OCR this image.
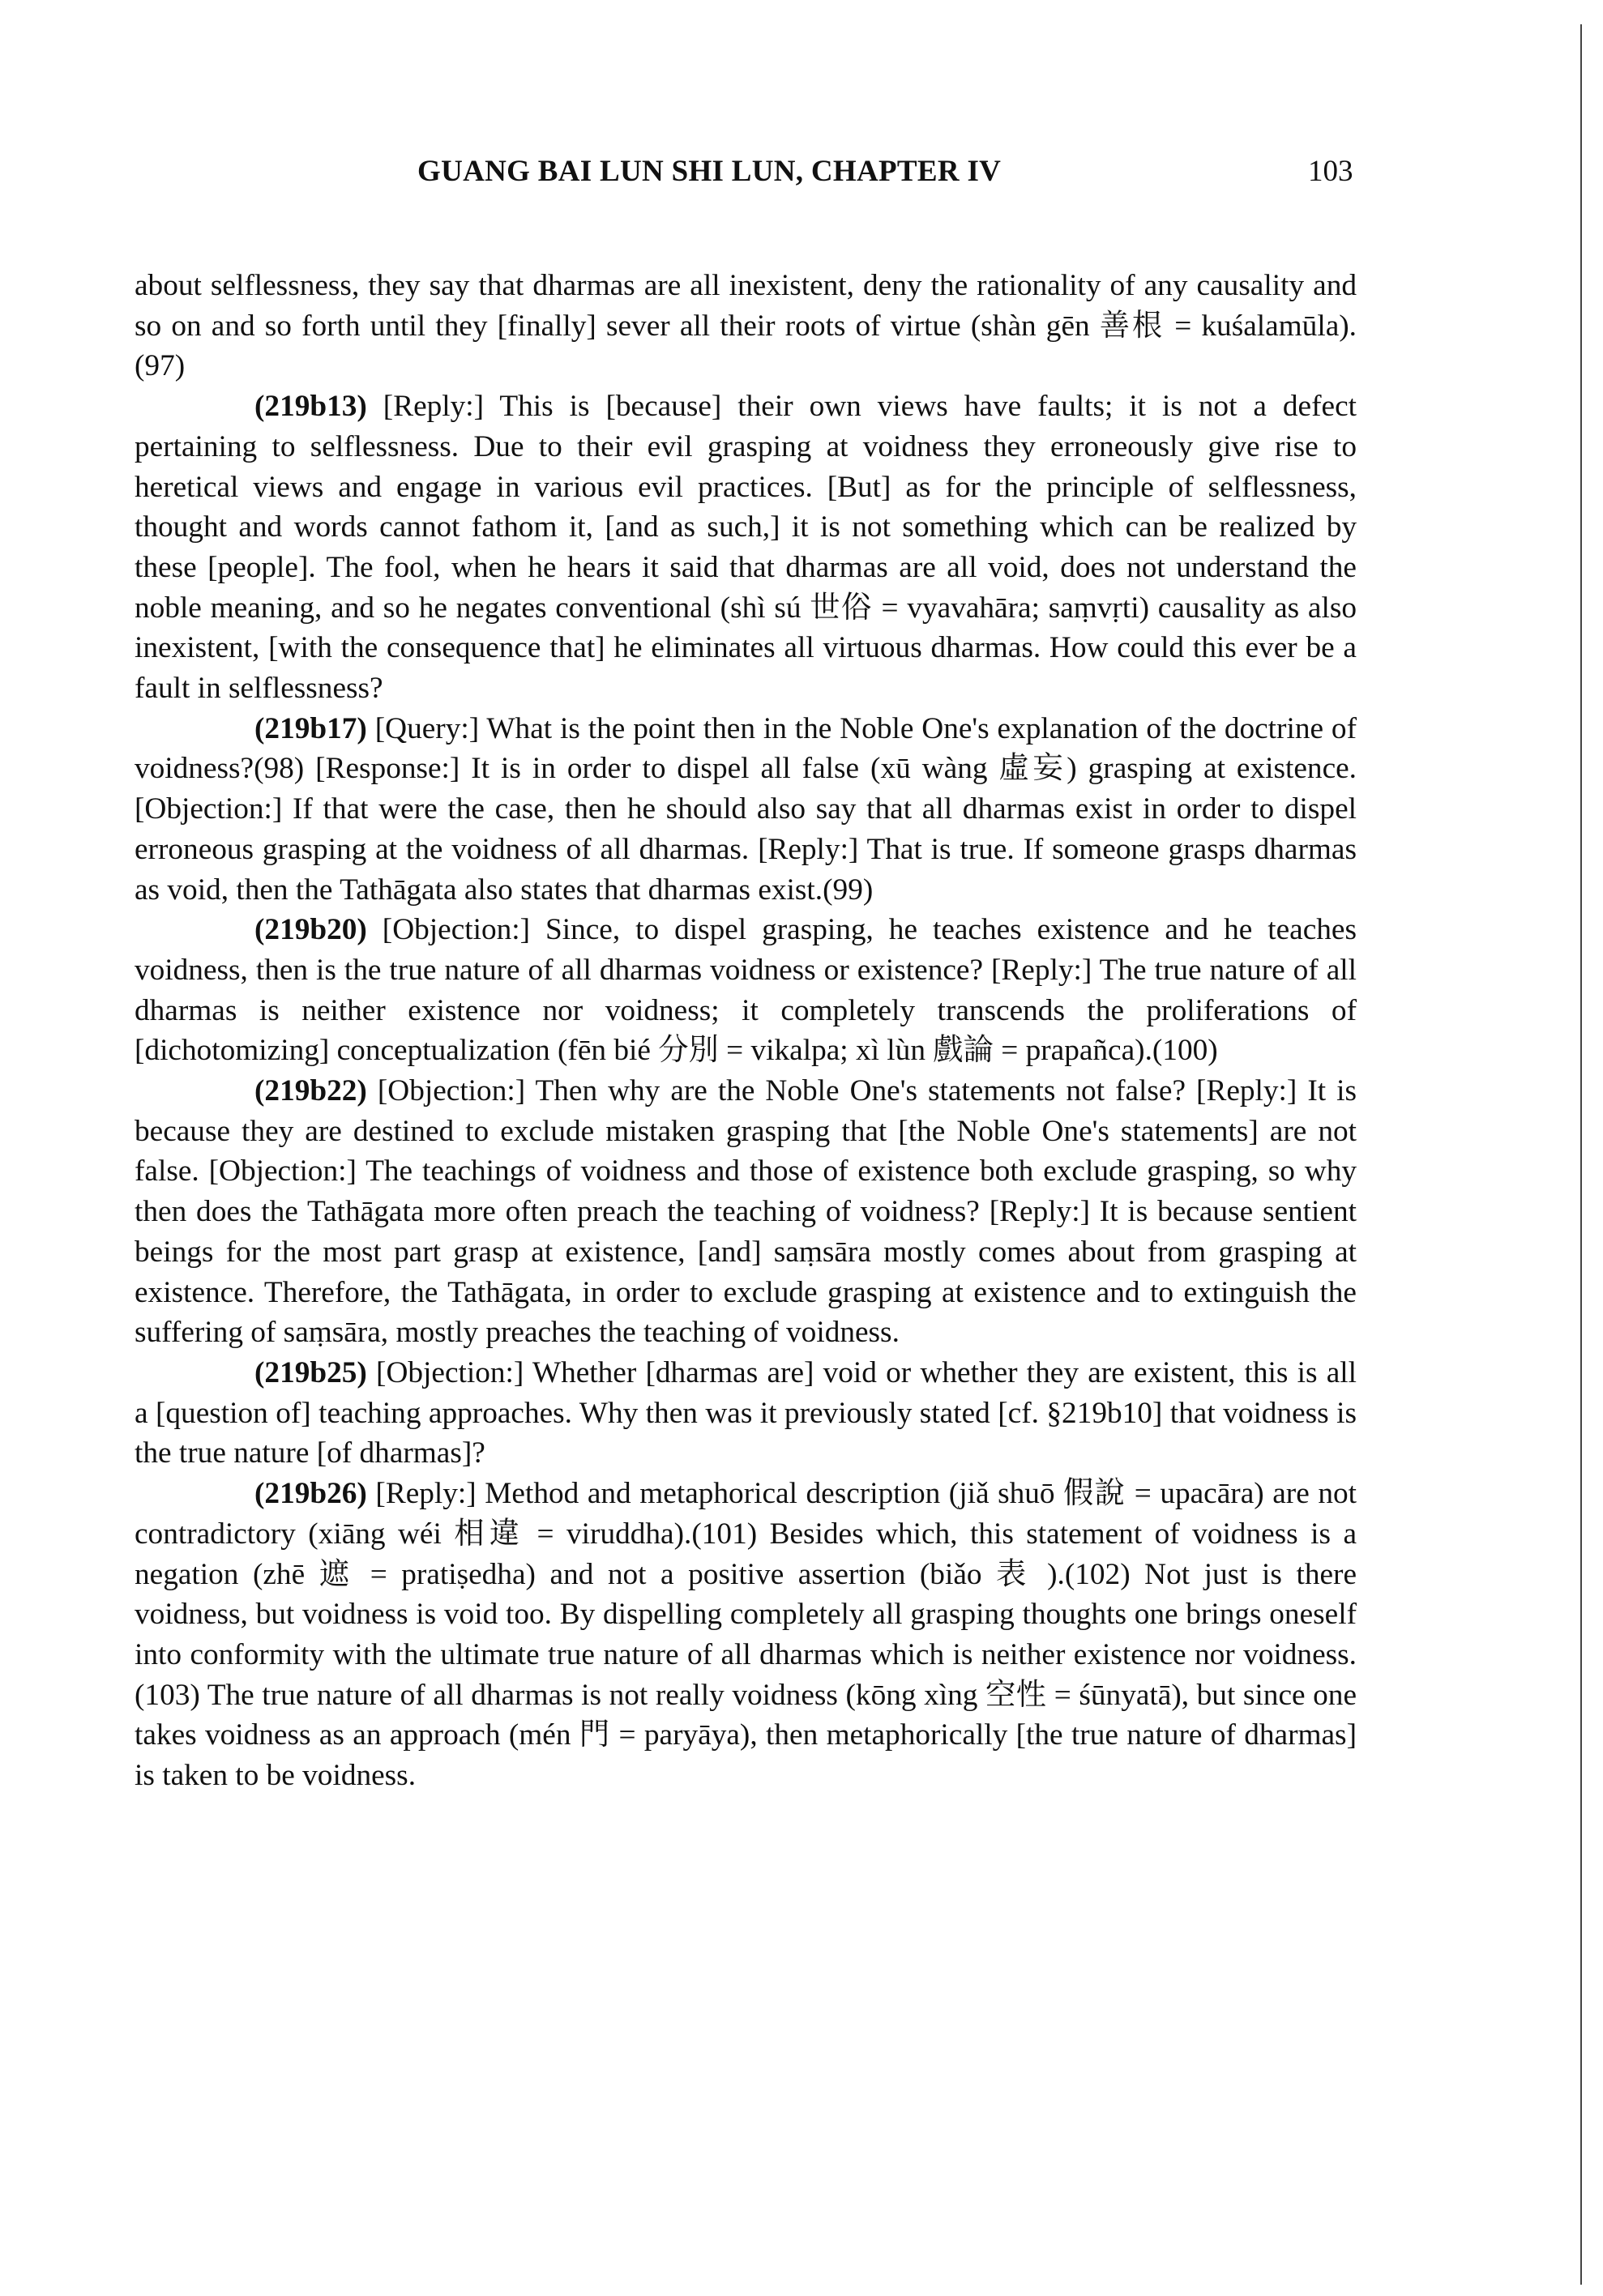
GUANG BAI LUN SHI LUN, CHAPTER IV	103

about selflessness, they say that dharmas are all inexistent, deny the rationality of any causality and so on and so forth until they [finally] sever all their roots of virtue (shàn gēn 善根 = kuśalamūla).(97)

(219b13) [Reply:] This is [because] their own views have faults; it is not a defect pertaining to selflessness. Due to their evil grasping at voidness they erroneously give rise to heretical views and engage in various evil practices. [But] as for the principle of selflessness, thought and words cannot fathom it, [and as such,] it is not something which can be realized by these [people]. The fool, when he hears it said that dharmas are all void, does not understand the noble meaning, and so he negates conventional (shì sú 世俗 = vyavahāra; saṃvṛti) causality as also inexistent, [with the consequence that] he eliminates all virtuous dharmas. How could this ever be a fault in selflessness?

(219b17) [Query:] What is the point then in the Noble One's explanation of the doctrine of voidness?(98) [Response:] It is in order to dispel all false (xū wàng 虛妄) grasping at existence. [Objection:] If that were the case, then he should also say that all dharmas exist in order to dispel erroneous grasping at the voidness of all dharmas. [Reply:] That is true. If someone grasps dharmas as void, then the Tathāgata also states that dharmas exist.(99)

(219b20) [Objection:] Since, to dispel grasping, he teaches existence and he teaches voidness, then is the true nature of all dharmas voidness or existence? [Reply:] The true nature of all dharmas is neither existence nor voidness; it completely transcends the proliferations of [dichotomizing] conceptualization (fēn bié 分別 = vikalpa; xì lùn 戲論 = prapañca).(100)

(219b22) [Objection:] Then why are the Noble One's statements not false? [Reply:] It is because they are destined to exclude mistaken grasping that [the Noble One's statements] are not false. [Objection:] The teachings of voidness and those of existence both exclude grasping, so why then does the Tathāgata more often preach the teaching of voidness? [Reply:] It is because sentient beings for the most part grasp at existence, [and] saṃsāra mostly comes about from grasping at existence. Therefore, the Tathāgata, in order to exclude grasping at existence and to extinguish the suffering of saṃsāra, mostly preaches the teaching of voidness.

(219b25) [Objection:] Whether [dharmas are] void or whether they are existent, this is all a [question of] teaching approaches. Why then was it previously stated [cf. §219b10] that voidness is the true nature [of dharmas]?

(219b26) [Reply:] Method and metaphorical description (jiǎ shuō 假說 = upacāra) are not contradictory (xiāng wéi 相違 = viruddha).(101) Besides which, this statement of voidness is a negation (zhē 遮 = pratiṣedha) and not a positive assertion (biǎo 表 ).(102) Not just is there voidness, but voidness is void too. By dispelling completely all grasping thoughts one brings oneself into conformity with the ultimate true nature of all dharmas which is neither existence nor voidness.(103) The true nature of all dharmas is not really voidness (kōng xìng 空性 = śūnyatā), but since one takes voidness as an approach (mén 門 = paryāya), then metaphorically [the true nature of dharmas] is taken to be voidness.
